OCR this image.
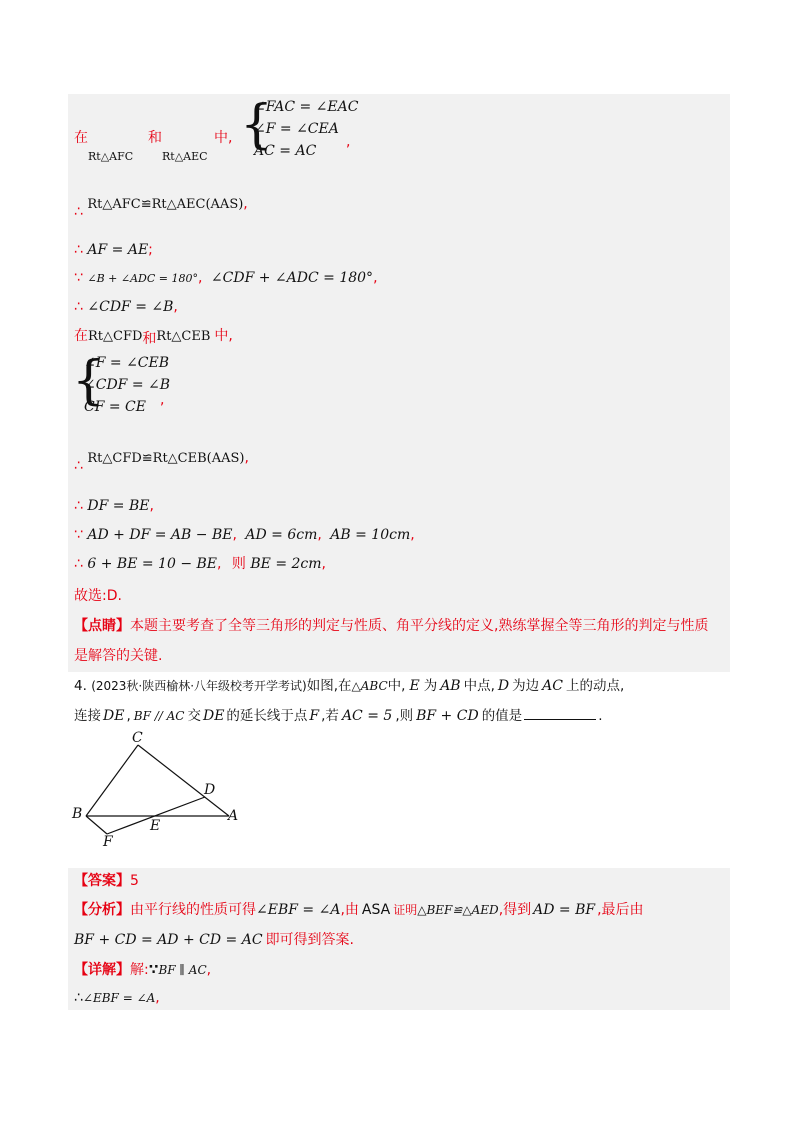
在
Rt△AFC
和
Rt△AEC
中, {
∠FAC = ∠EAC
∠F = ∠CEA
AC = AC
,
∴ Rt△AFC≌Rt△AEC(AAS),
∴ AF = AE;
∵ ∠B + ∠ADC = 180°, ∠CDF + ∠ADC = 180°,
∴ ∠CDF = ∠B,
在Rt△CFD和Rt△CEB 中,
{
∠F = ∠CEB
∠CDF = ∠B
CF = CE	,
∴ Rt△CFD≌Rt△CEB(AAS),
∴ DF = BE,
∵ AD + DF = AB − BE, AD = 6cm, AB = 10cm,
∴ 6 + BE = 10 − BE, 则 BE = 2cm,
故选:D.
【点睛】本题主要考查了全等三角形的判定与性质、角平分线的定义,熟练掌握全等三角形的判定与性质
是解答的关键.
4. (2023秋·陕西榆林·八年级校考开学考试)如图,在△ABC中, E 为 AB 中点, D 为边 AC 上的动点,
连接 DE , BF // AC 交 DE 的延长线于点 F ,若 AC = 5 ,则 BF + CD 的值是	.
C
D
B
E
A
F
【答案】5
【分析】由平行线的性质可得∠EBF = ∠A,由 ASA 证明△BEF≌△AED,得到 AD = BF ,最后由
BF + CD = AD + CD = AC 即可得到答案.
【详解】解:∵BF ∥ AC,
∴∠EBF = ∠A,
